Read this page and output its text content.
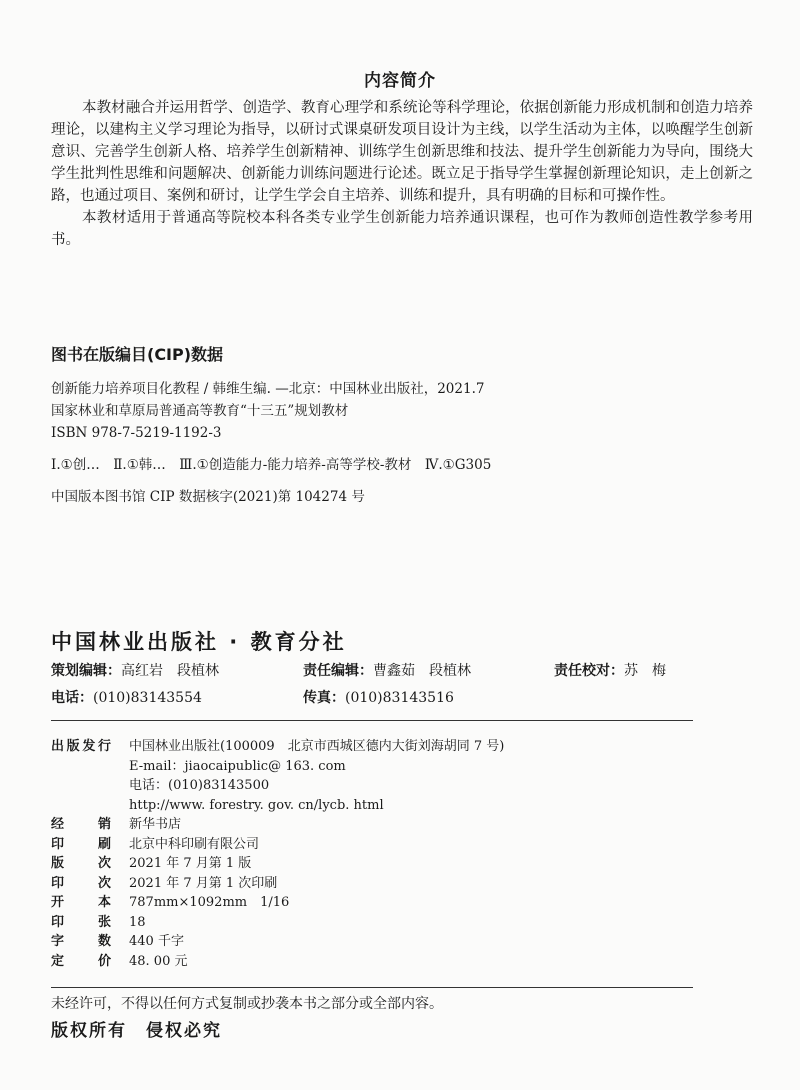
内容简介

本教材融合并运用哲学、创造学、教育心理学和系统论等科学理论，依据创新能力形成机制和创造力培养理论，以建构主义学习理论为指导，以研讨式课桌研发项目设计为主线，以学生活动为主体，以唤醒学生创新意识、完善学生创新人格、培养学生创新精神、训练学生创新思维和技法、提升学生创新能力为导向，围绕大学生批判性思维和问题解决、创新能力训练问题进行论述。既立足于指导学生掌握创新理论知识，走上创新之路，也通过项目、案例和研讨，让学生学会自主培养、训练和提升，具有明确的目标和可操作性。

本教材适用于普通高等院校本科各类专业学生创新能力培养通识课程，也可作为教师创造性教学参考用书。

图书在版编目(CIP)数据
创新能力培养项目化教程 / 韩维生编. —北京：中国林业出版社，2021.7
国家林业和草原局普通高等教育“十三五”规划教材
ISBN 978-7-5219-1192-3
Ⅰ.①创…　Ⅱ.①韩…　Ⅲ.①创造能力-能力培养-高等学校-教材　Ⅳ.①G305
中国版本图书馆 CIP 数据核字(2021)第 104274 号
中国林业出版社 · 教育分社
策划编辑：高红岩　段植林	责任编辑：曹鑫茹　段植林	责任校对：苏　梅
电话：(010)83143554	传真：(010)83143516
出版发行 中国林业出版社(100009　北京市西城区德内大街刘海胡同 7 号)
E-mail：jiaocaipublic@ 163. com
电话：(010)83143500
http://www. forestry. gov. cn/lycb. html
经销 新华书店
印刷 北京中科印刷有限公司
版次 2021 年 7 月第 1 版
印次 2021 年 7 月第 1 次印刷
开本 787mm×1092mm　1/16
印张 18
字数 440 千字
定价 48. 00 元
未经许可，不得以任何方式复制或抄袭本书之部分或全部内容。
版权所有　侵权必究
